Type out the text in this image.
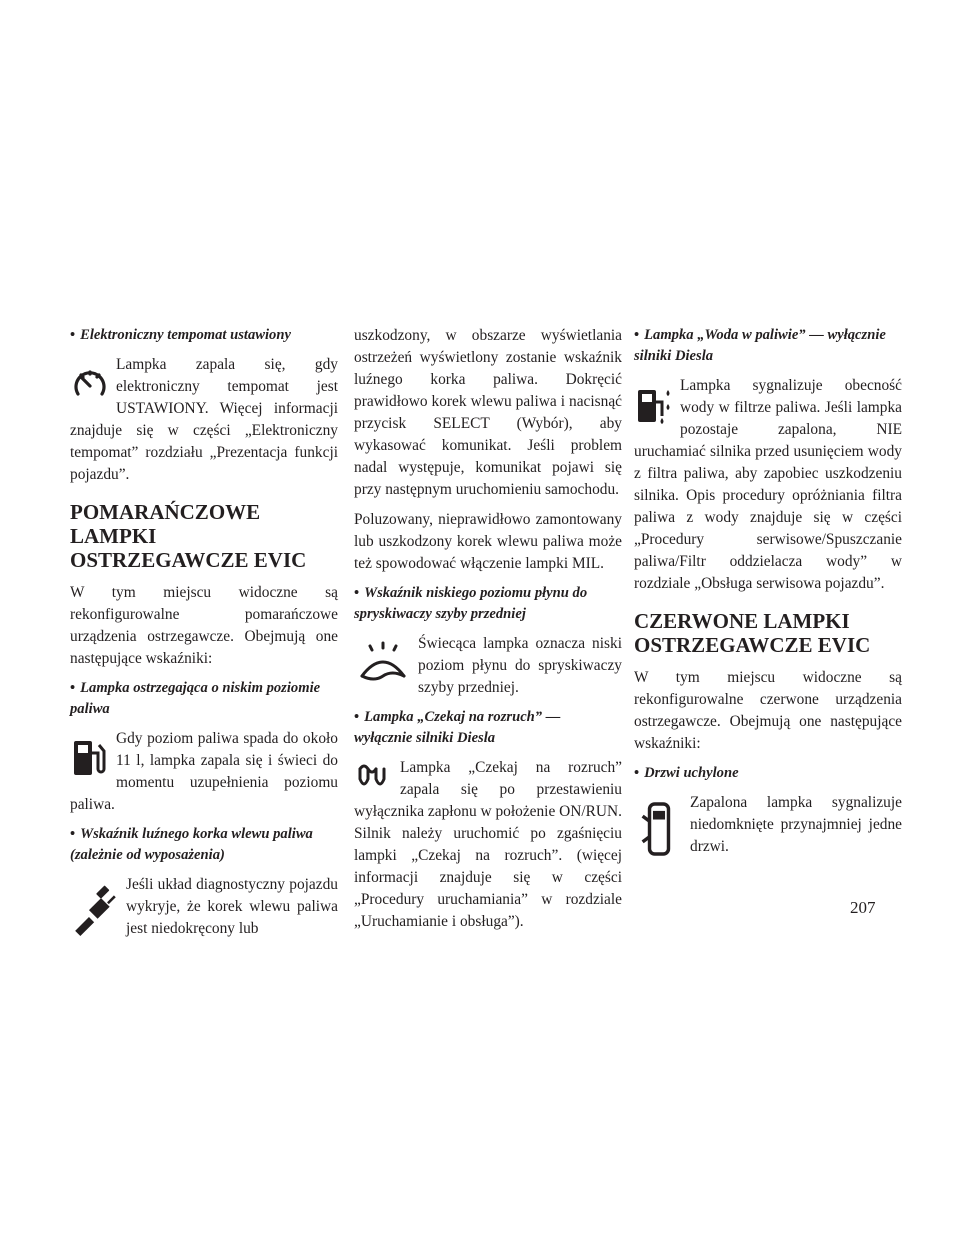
• Elektroniczny tempomat ustawiony

Lampka zapala się, gdy elektroniczny tempomat jest USTAWIONY. Więcej informacji znajduje się w części „Elektroniczny tempomat” rozdziału „Prezentacja funkcji pojazdu”.

POMARAŃCZOWE LAMPKI OSTRZEGAWCZE EVIC

W tym miejscu widoczne są rekonfigurowalne pomarańczowe urządzenia ostrzegawcze. Obejmują one następujące wskaźniki:

• Lampka ostrzegająca o niskim poziomie paliwa

Gdy poziom paliwa spada do około 11 l, lampka zapala się i świeci do momentu uzupełnienia poziomu paliwa.

• Wskaźnik luźnego korka wlewu paliwa (zależnie od wyposażenia)

Jeśli układ diagnostyczny pojazdu wykryje, że korek wlewu paliwa jest niedokręcony lub

uszkodzony, w obszarze wyświetlania ostrzeżeń wyświetlony zostanie wskaźnik luźnego korka paliwa. Dokręcić prawidłowo korek wlewu paliwa i nacisnąć przycisk SELECT (Wybór), aby wykasować komunikat. Jeśli problem nadal występuje, komunikat pojawi się przy następnym uruchomieniu samochodu.

Poluzowany, nieprawidłowo zamontowany lub uszkodzony korek wlewu paliwa może też spowodować włączenie lampki MIL.

• Wskaźnik niskiego poziomu płynu do spryskiwaczy szyby przedniej

Świecąca lampka oznacza niski poziom płynu do spryskiwaczy szyby przedniej.

• Lampka „Czekaj na rozruch” — wyłącznie silniki Diesla

Lampka „Czekaj na rozruch” zapala się po przestawieniu wyłącznika zapłonu w położenie ON/RUN. Silnik należy uruchomić po zgaśnięciu lampki „Czekaj na rozruch”. (więcej informacji znajduje się w części „Procedury uruchamiania” w rozdziale „Uruchamianie i obsługa”).

• Lampka „Woda w paliwie” — wyłącznie silniki Diesla

Lampka sygnalizuje obecność wody w filtrze paliwa. Jeśli lampka pozostaje zapalona, NIE uruchamiać silnika przed usunięciem wody z filtra paliwa, aby zapobiec uszkodzeniu silnika. Opis procedury opróżniania filtra paliwa z wody znajduje się w części „Procedury serwisowe/Spuszczanie paliwa/Filtr oddzielacza wody” w rozdziale „Obsługa serwisowa pojazdu”.

CZERWONE LAMPKI OSTRZEGAWCZE EVIC

W tym miejscu widoczne są rekonfigurowalne czerwone urządzenia ostrzegawcze. Obejmują one następujące wskaźniki:

• Drzwi uchylone

Zapalona lampka sygnalizuje niedomknięte przynajmniej jedne drzwi.

207
